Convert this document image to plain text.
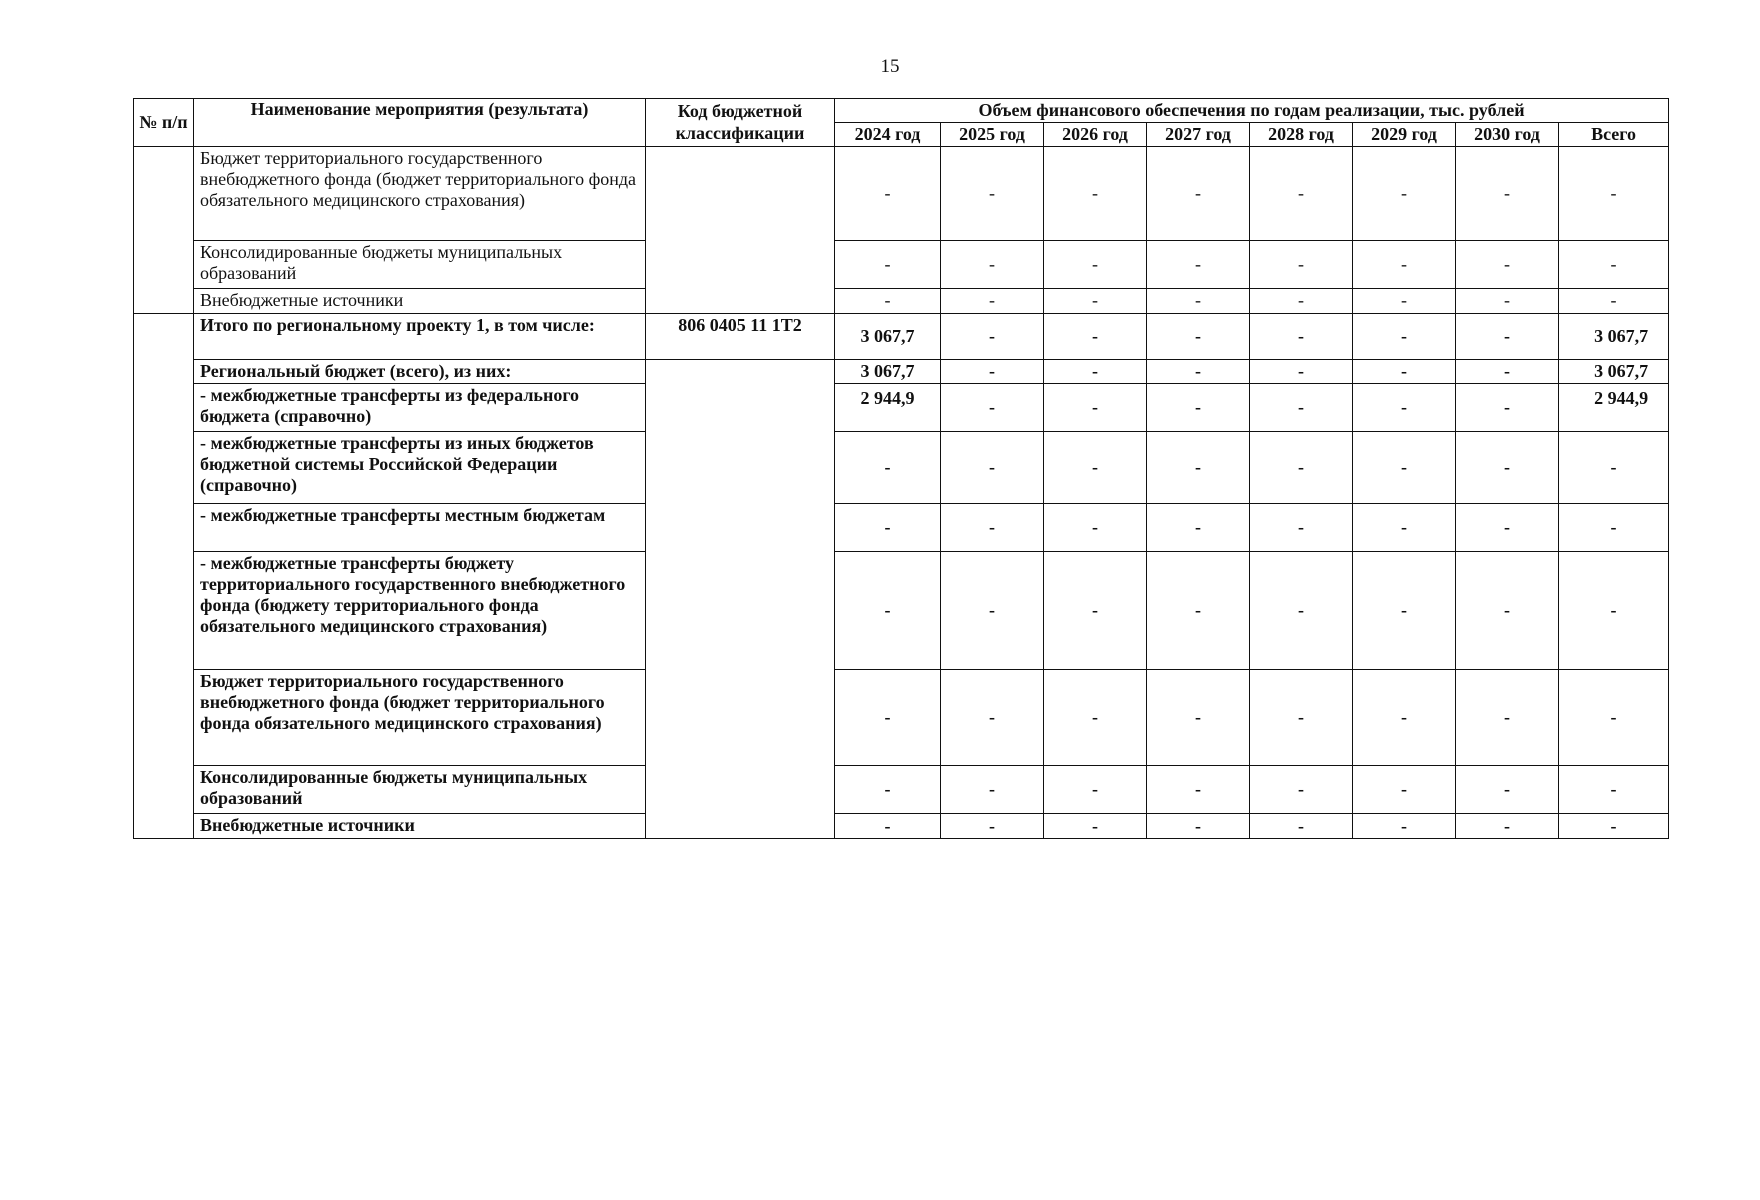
15
№ п/п	Наименование мероприятия (результата)	Код бюджетной классификации	Объем финансового обеспечения по годам реализации, тыс. рублей							
			2024 год	2025 год	2026 год	2027 год	2028 год	2029 год	2030 год	Всего
	Бюджет территориального государственного внебюджетного фонда (бюджет территориального фонда обязательного медицинского страхования)		-	-	-	-	-	-	-	-
	Консолидированные бюджеты муниципальных образований		-	-	-	-	-	-	-	-
	Внебюджетные источники		-	-	-	-	-	-	-	-
	Итого по региональному проекту 1, в том числе:	806 0405 11 1Т2	3 067,7	-	-	-	-	-	-	3 067,7
	Региональный бюджет (всего), из них:		3 067,7	-	-	-	-	-	-	3 067,7
	- межбюджетные трансферты из федерального бюджета (справочно)		2 944,9	-	-	-	-	-	-	2 944,9
	- межбюджетные трансферты из иных бюджетов бюджетной системы Российской Федерации (справочно)		-	-	-	-	-	-	-	-
	- межбюджетные трансферты местным бюджетам		-	-	-	-	-	-	-	-
	- межбюджетные трансферты бюджету территориального государственного внебюджетного фонда (бюджету территориального фонда обязательного медицинского страхования)		-	-	-	-	-	-	-	-
	Бюджет территориального государственного внебюджетного фонда (бюджет территориального фонда обязательного медицинского страхования)		-	-	-	-	-	-	-	-
	Консолидированные бюджеты муниципальных образований		-	-	-	-	-	-	-	-
	Внебюджетные источники		-	-	-	-	-	-	-	-
